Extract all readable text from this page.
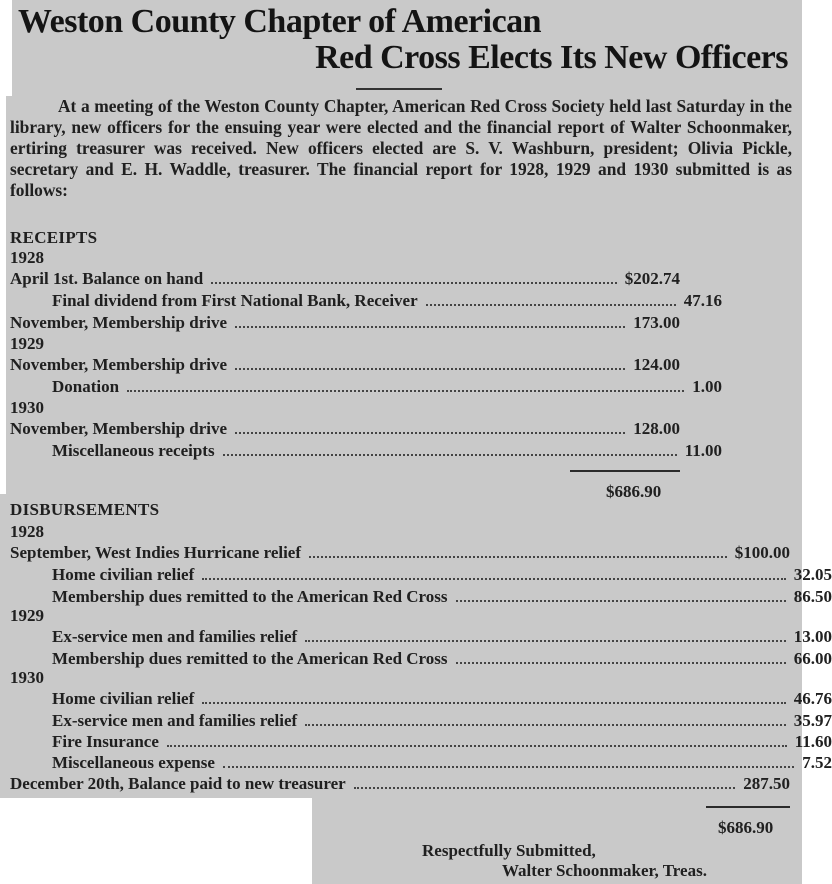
Weston County Chapter of American
Red Cross Elects Its New Officers
At a meeting of the Weston County Chapter, American Red Cross Society held last Saturday in the library, new officers for the ensuing year were elected and the financial report of Walter Schoonmaker, ertiring treasurer was received. New officers elected are S. V. Washburn, president; Olivia Pickle, secretary and E. H. Waddle, treasurer. The financial report for 1928, 1929 and 1930 submitted is as follows:
RECEIPTS
1928
April 1st. Balance on hand	$202.74
Final dividend from First National Bank, Receiver	47.16
November, Membership drive	173.00
1929
November, Membership drive	124.00
Donation	1.00
1930
November, Membership drive	128.00
Miscellaneous receipts	11.00
$686.90
DISBURSEMENTS
1928
September, West Indies Hurricane relief	$100.00
Home civilian relief	32.05
Membership dues remitted to the American Red Cross	86.50
1929
Ex-service men and families relief	13.00
Membership dues remitted to the American Red Cross	66.00
1930
Home civilian relief	46.76
Ex-service men and families relief	35.97
Fire Insurance	11.60
Miscellaneous expense	7.52
December 20th, Balance paid to new treasurer	287.50
$686.90
Respectfully Submitted,
Walter Schoonmaker, Treas.
